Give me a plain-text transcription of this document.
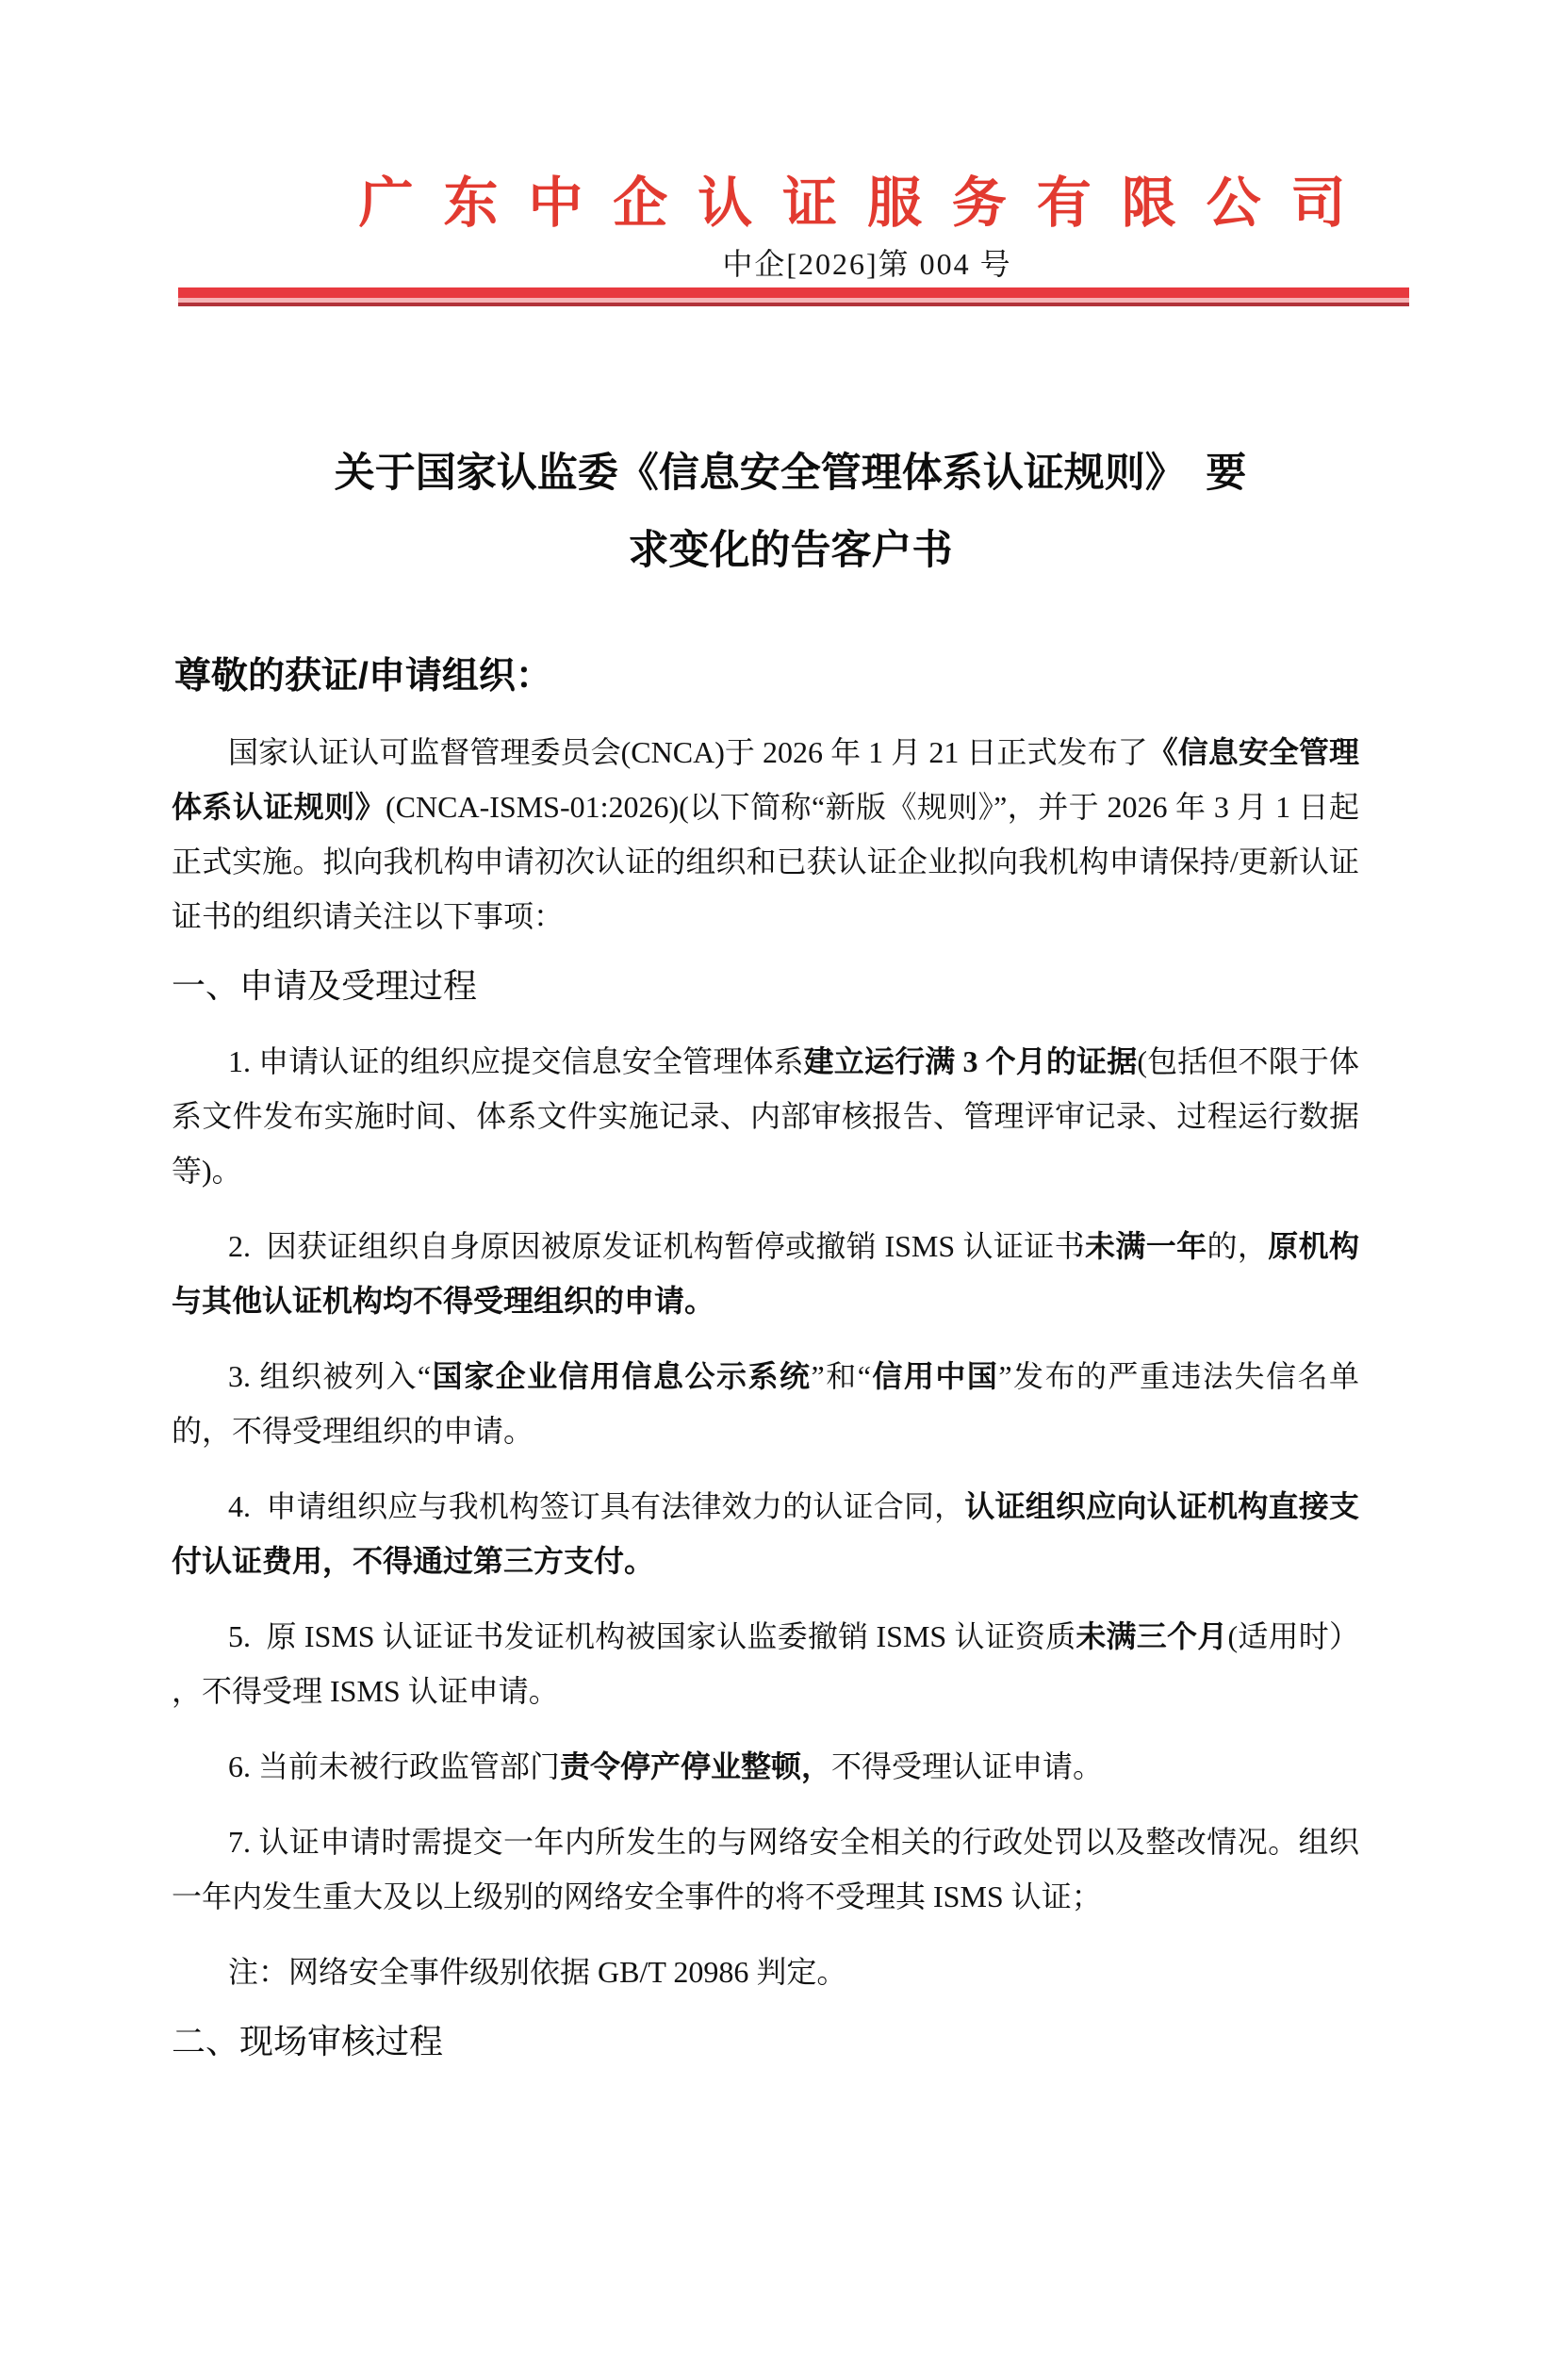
广东中企认证服务有限公司
中企[2026]第 004 号
关于国家认监委《信息安全管理体系认证规则》　要
求变化的告客户书
尊敬的获证/申请组织：
国家认证认可监督管理委员会(CNCA)于 2026 年 1 月 21 日正式发布了《信息安全管理体系认证规则》(CNCA-ISMS-01:2026)(以下简称“新版《规则》”，并于 2026 年 3 月 1 日起正式实施。拟向我机构申请初次认证的组织和已获认证企业拟向我机构申请保持/更新认证证书的组织请关注以下事项：
一、申请及受理过程
1. 申请认证的组织应提交信息安全管理体系建立运行满 3 个月的证据(包括但不限于体系文件发布实施时间、体系文件实施记录、内部审核报告、管理评审记录、过程运行数据等)。
2.  因获证组织自身原因被原发证机构暂停或撤销 ISMS 认证证书未满一年的，原机构与其他认证机构均不得受理组织的申请。
3. 组织被列入“国家企业信用信息公示系统”和“信用中国”发布的严重违法失信名单的，不得受理组织的申请。
4.  申请组织应与我机构签订具有法律效力的认证合同，认证组织应向认证机构直接支付认证费用，不得通过第三方支付。
5.  原 ISMS 认证证书发证机构被国家认监委撤销 ISMS 认证资质未满三个月(适用时）  ，不得受理 ISMS 认证申请。
6. 当前未被行政监管部门责令停产停业整顿，不得受理认证申请。
7. 认证申请时需提交一年内所发生的与网络安全相关的行政处罚以及整改情况。组织一年内发生重大及以上级别的网络安全事件的将不受理其 ISMS 认证；
注：网络安全事件级别依据 GB/T 20986 判定。
二、现场审核过程
